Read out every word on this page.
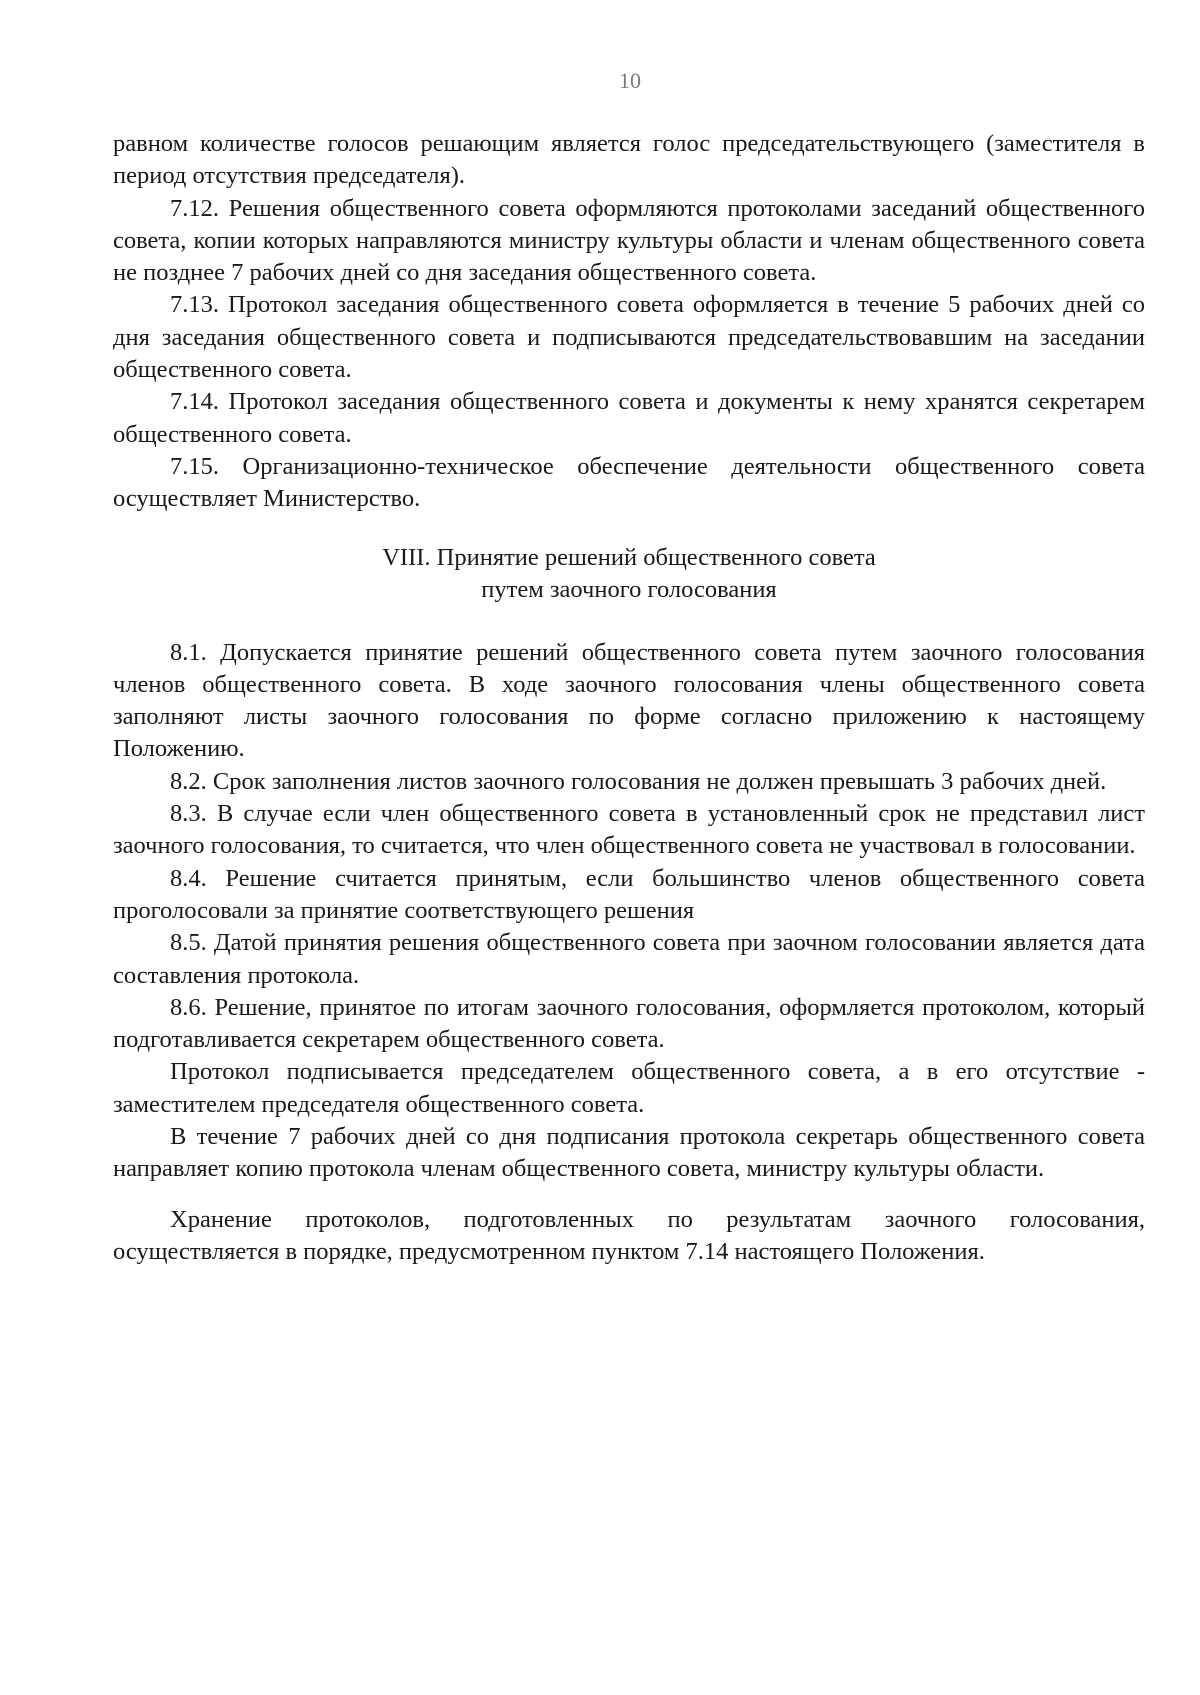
10

равном количестве голосов решающим является голос председательствующего (заместителя в период отсутствия председателя).

7.12. Решения общественного совета оформляются протоколами заседаний общественного совета, копии которых направляются министру культуры области и членам общественного совета не позднее 7 рабочих дней со дня заседания общественного совета.

7.13. Протокол заседания общественного совета оформляется в течение 5 рабочих дней со дня заседания общественного совета и подписываются председательствовавшим на заседании общественного совета.

7.14. Протокол заседания общественного совета и документы к нему хранятся секретарем общественного совета.

7.15. Организационно-техническое обеспечение деятельности общественного совета осуществляет Министерство.

VIII. Принятие решений общественного совета
путем заочного голосования

8.1. Допускается принятие решений общественного совета путем заочного голосования членов общественного совета. В ходе заочного голосования члены общественного совета заполняют листы заочного голосования по форме согласно приложению к настоящему Положению.

8.2. Срок заполнения листов заочного голосования не должен превышать 3 рабочих дней.

8.3. В случае если член общественного совета в установленный срок не представил лист заочного голосования, то считается, что член общественного совета не участвовал в голосовании.

8.4. Решение считается принятым, если большинство членов общественного совета проголосовали за принятие соответствующего решения

8.5. Датой принятия решения общественного совета при заочном голосовании является дата составления протокола.

8.6. Решение, принятое по итогам заочного голосования, оформляется протоколом, который подготавливается секретарем общественного совета.

Протокол подписывается председателем общественного совета, а в его отсутствие - заместителем председателя общественного совета.

В течение 7 рабочих дней со дня подписания протокола секретарь общественного совета направляет копию протокола членам общественного совета, министру культуры области.

Хранение протоколов, подготовленных по результатам заочного голосования, осуществляется в порядке, предусмотренном пунктом 7.14 настоящего Положения.
